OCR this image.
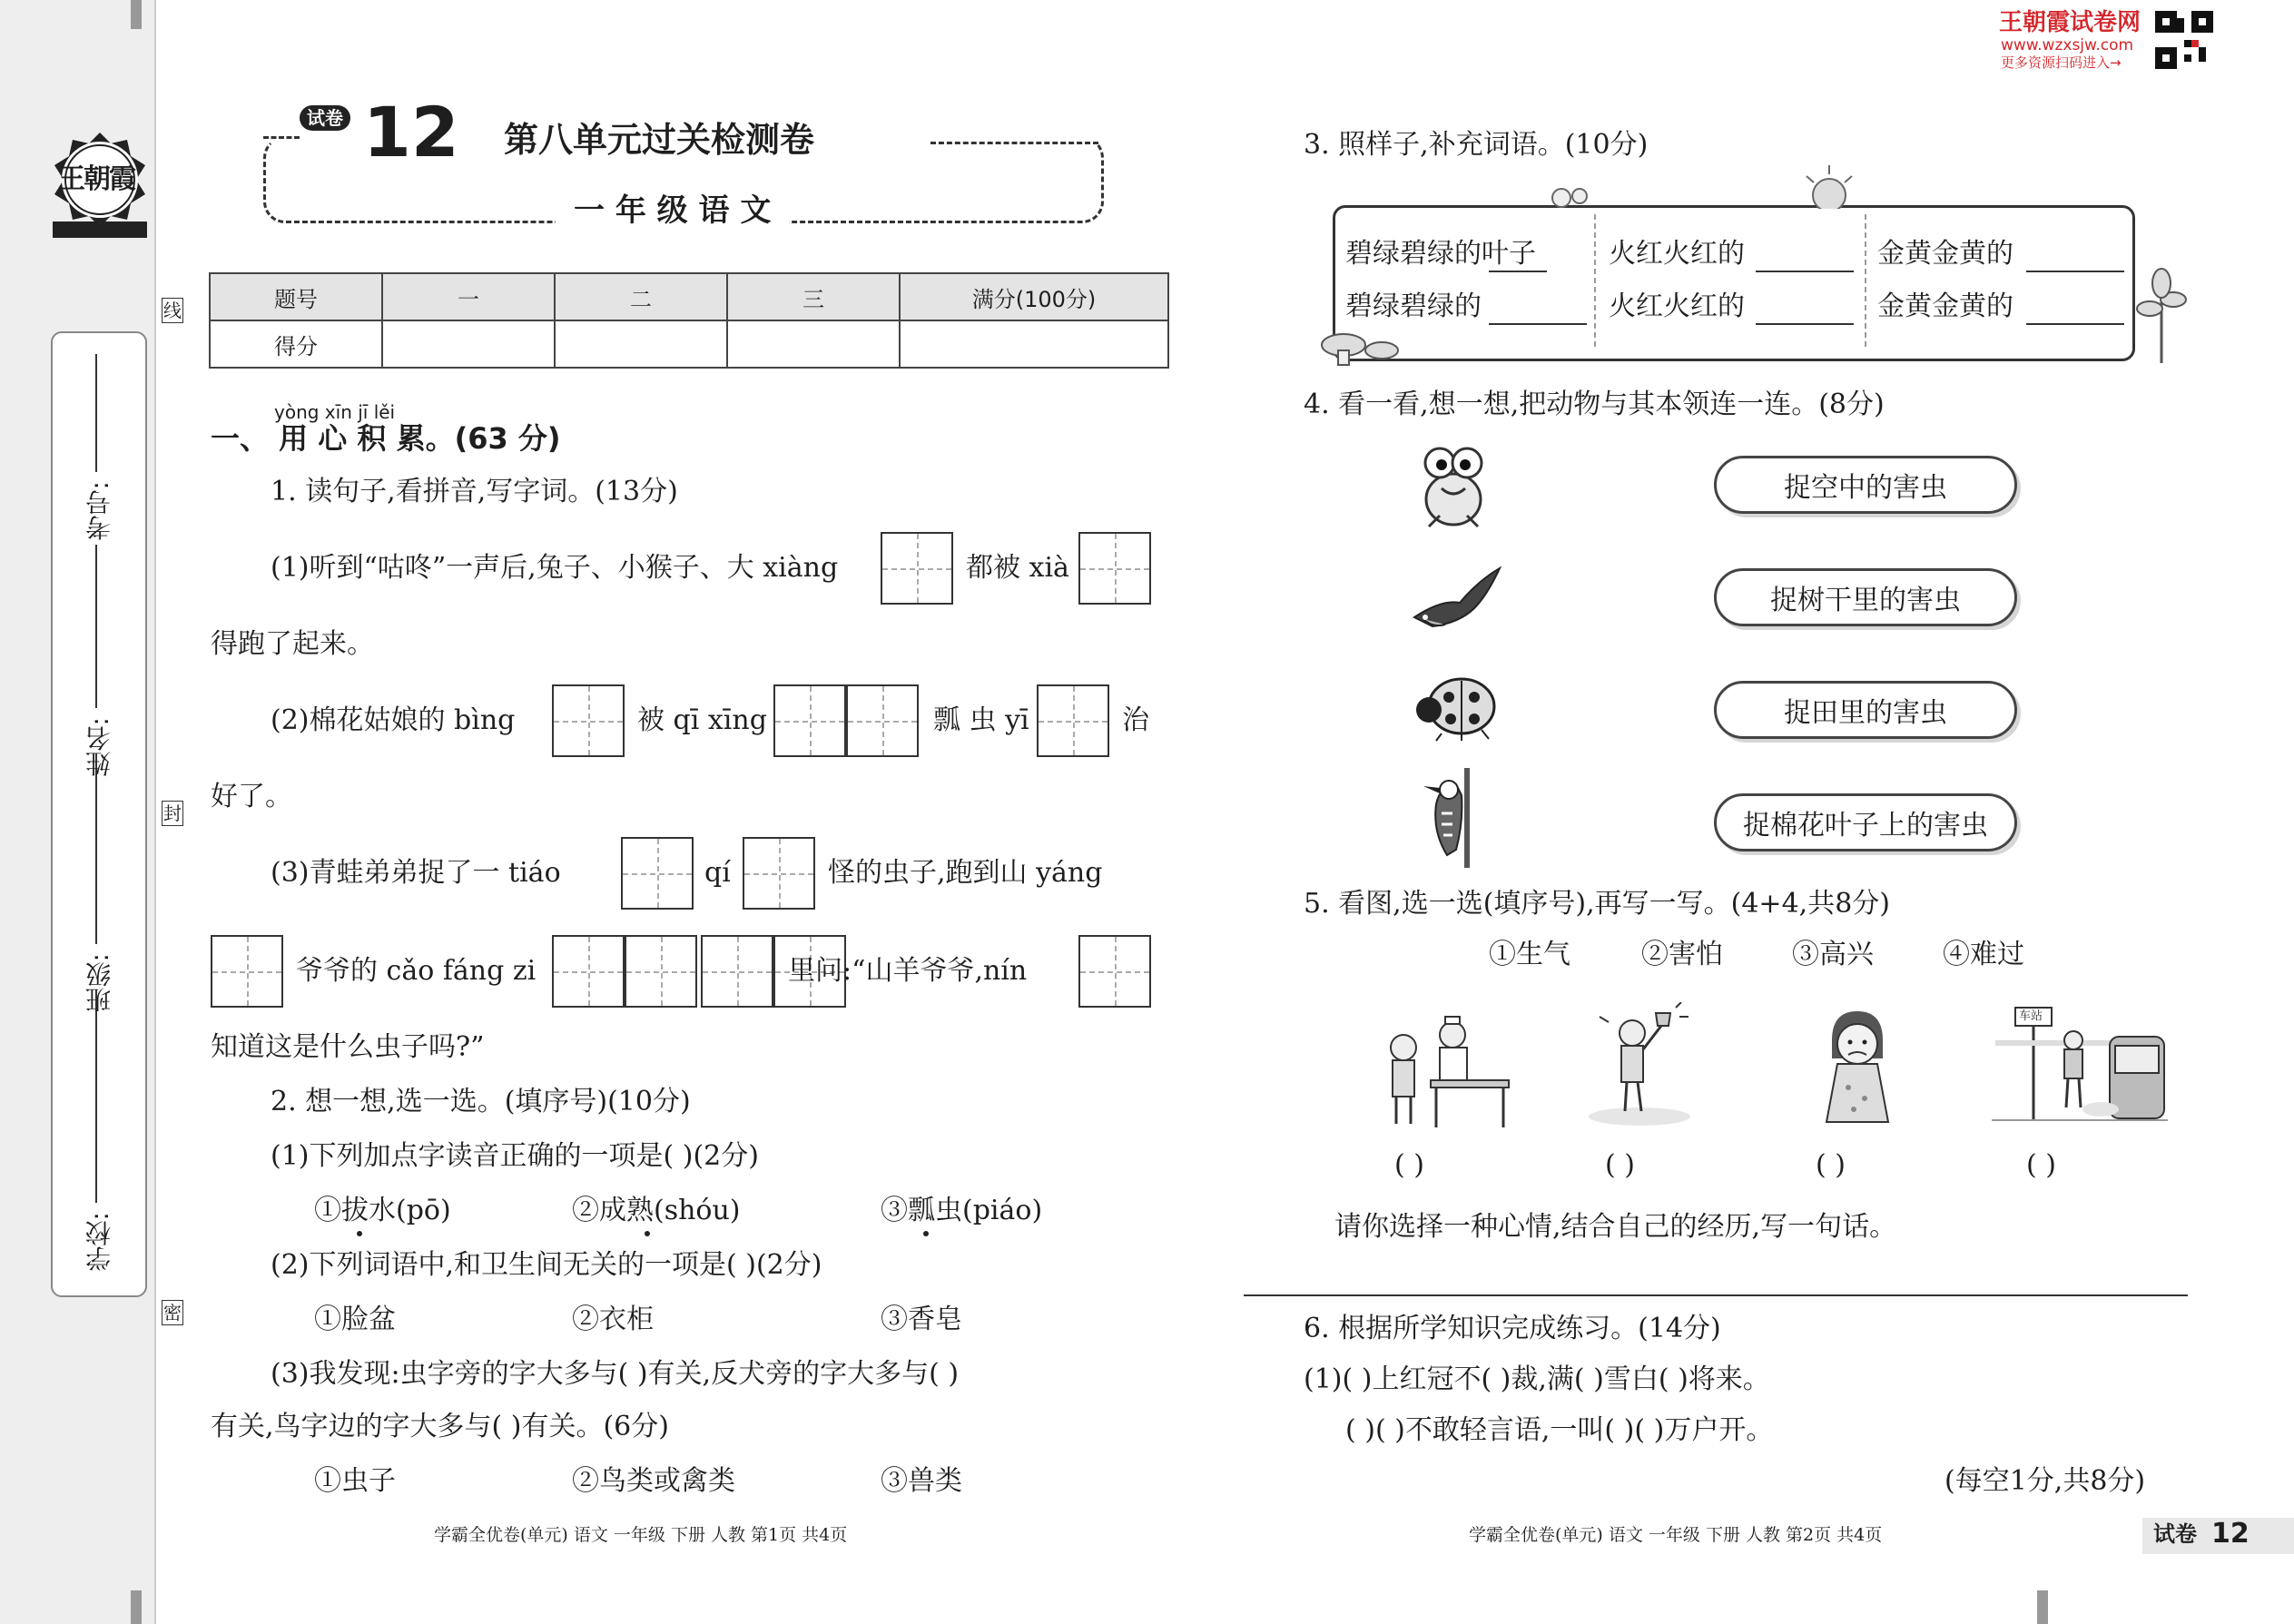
王朝霞
学校:
班级:
姓名:
考号:
线
封
密
试卷 12 第八单元过关检测卷
一 年 级 语 文
题号	一	二	三	满分(100分)
得分				
yòng xīn jī lěi
一、 用 心 积 累。(63 分)
1. 读句子,看拼音,写字词。(13分)
(1)听到“咕咚”一声后,兔子、小猴子、大 xiàng	都被 xià
得跑了起来。
(2)棉花姑娘的 bìng	被 qī xīng	瓢 虫 yī	治
好了。
(3)青蛙弟弟捉了一 tiáo	qí	怪的虫子,跑到山 yáng
爷爷的 cǎo fáng zi	里问:“山羊爷爷,nín
知道这是什么虫子吗?”
2. 想一想,选一选。(填序号)(10分)
(1)下列加点字读音正确的一项是( )(2分)
①拔水(pō)	②成熟(shóu)	③瓢虫(piáo)
(2)下列词语中,和卫生间无关的一项是( )(2分)
①脸盆	②衣柜	③香皂
(3)我发现:虫字旁的字大多与( )有关,反犬旁的字大多与( )
有关,鸟字边的字大多与( )有关。(6分)
①虫子	②鸟类或禽类	③兽类
学霸全优卷(单元) 语文 一年级 下册 人教 第1页 共4页
王朝霞试卷网
www.wzxsjw.com
更多资源扫码进入→
3. 照样子,补充词语。(10分)
碧绿碧绿的叶子	火红火红的	金黄金黄的
碧绿碧绿的	火红火红的	金黄金黄的
4. 看一看,想一想,把动物与其本领连一连。(8分)
捉空中的害虫
捉树干里的害虫
捉田里的害虫
捉棉花叶子上的害虫
5. 看图,选一选(填序号),再写一写。(4+4,共8分)
①生气	②害怕	③高兴	④难过
车站
( )	( )	( )	( )
请你选择一种心情,结合自己的经历,写一句话。
6. 根据所学知识完成练习。(14分)
(1)( )上红冠不( )裁,满( )雪白( )将来。
( )( )不敢轻言语,一叫( )( )万户开。
(每空1分,共8分)
学霸全优卷(单元) 语文 一年级 下册 人教 第2页 共4页	试卷 12
